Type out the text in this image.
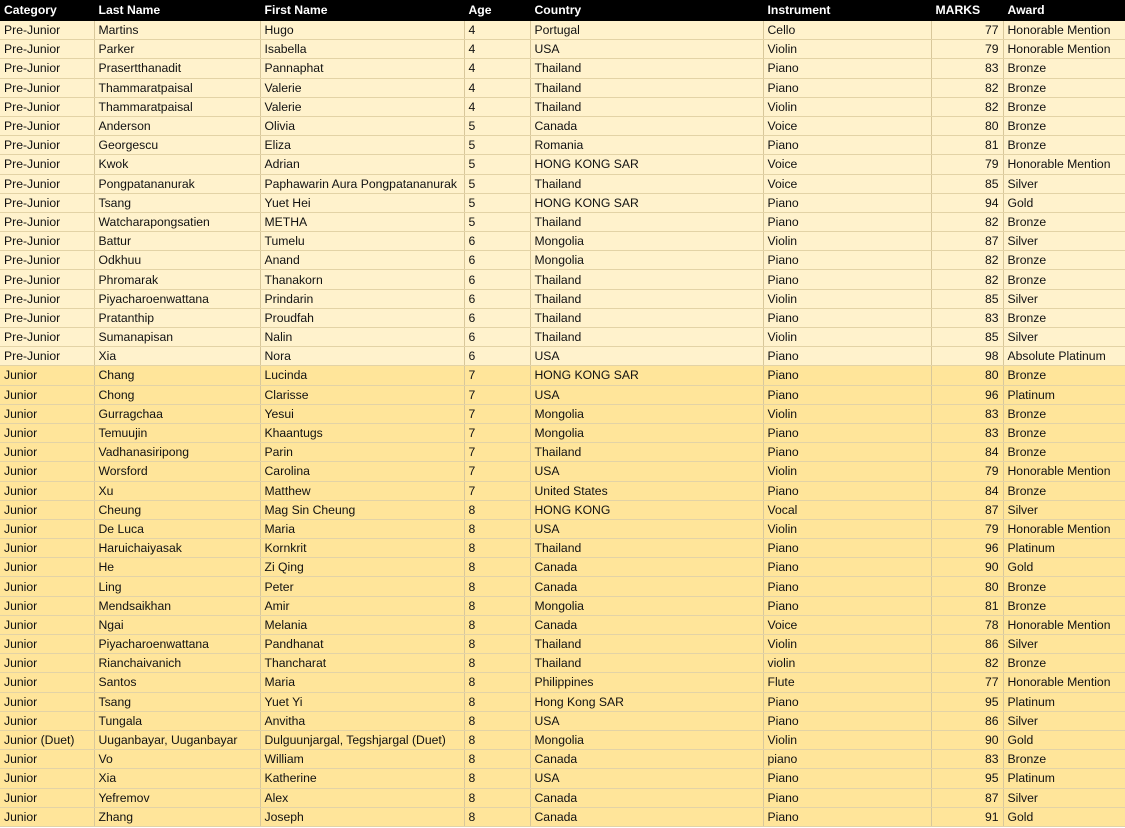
Category	Last Name	First Name	Age	Country	Instrument	MARKS	Award
Pre-Junior	Martins	Hugo	4	Portugal	Cello	77	Honorable Mention
Pre-Junior	Parker	Isabella	4	USA	Violin	79	Honorable Mention
Pre-Junior	Prasertthanadit	Pannaphat	4	Thailand	Piano	83	Bronze
Pre-Junior	Thammaratpaisal	Valerie	4	Thailand	Piano	82	Bronze
Pre-Junior	Thammaratpaisal	Valerie	4	Thailand	Violin	82	Bronze
Pre-Junior	Anderson	Olivia	5	Canada	Voice	80	Bronze
Pre-Junior	Georgescu	Eliza	5	Romania	Piano	81	Bronze
Pre-Junior	Kwok	Adrian	5	HONG KONG SAR	Voice	79	Honorable Mention
Pre-Junior	Pongpatananurak	Paphawarin Aura Pongpatananurak	5	Thailand	Voice	85	Silver
Pre-Junior	Tsang	Yuet Hei	5	HONG KONG SAR	Piano	94	Gold
Pre-Junior	Watcharapongsatien	METHA	5	Thailand	Piano	82	Bronze
Pre-Junior	Battur	Tumelu	6	Mongolia	Violin	87	Silver
Pre-Junior	Odkhuu	Anand	6	Mongolia	Piano	82	Bronze
Pre-Junior	Phromarak	Thanakorn	6	Thailand	Piano	82	Bronze
Pre-Junior	Piyacharoenwattana	Prindarin	6	Thailand	Violin	85	Silver
Pre-Junior	Pratanthip	Proudfah	6	Thailand	Piano	83	Bronze
Pre-Junior	Sumanapisan	Nalin	6	Thailand	Violin	85	Silver
Pre-Junior	Xia	Nora	6	USA	Piano	98	Absolute Platinum
Junior	Chang	Lucinda	7	HONG KONG SAR	Piano	80	Bronze
Junior	Chong	Clarisse	7	USA	Piano	96	Platinum
Junior	Gurragchaa	Yesui	7	Mongolia	Violin	83	Bronze
Junior	Temuujin	Khaantugs	7	Mongolia	Piano	83	Bronze
Junior	Vadhanasiripong	Parin	7	Thailand	Piano	84	Bronze
Junior	Worsford	Carolina	7	USA	Violin	79	Honorable Mention
Junior	Xu	Matthew	7	United States	Piano	84	Bronze
Junior	Cheung	Mag Sin Cheung	8	HONG KONG	Vocal	87	Silver
Junior	De Luca	Maria	8	USA	Violin	79	Honorable Mention
Junior	Haruichaiyasak	Kornkrit	8	Thailand	Piano	96	Platinum
Junior	He	Zi Qing	8	Canada	Piano	90	Gold
Junior	Ling	Peter	8	Canada	Piano	80	Bronze
Junior	Mendsaikhan	Amir	8	Mongolia	Piano	81	Bronze
Junior	Ngai	Melania	8	Canada	Voice	78	Honorable Mention
Junior	Piyacharoenwattana	Pandhanat	8	Thailand	Violin	86	Silver
Junior	Rianchaivanich	Thancharat	8	Thailand	violin	82	Bronze
Junior	Santos	Maria	8	Philippines	Flute	77	Honorable Mention
Junior	Tsang	Yuet Yi	8	Hong Kong SAR	Piano	95	Platinum
Junior	Tungala	Anvitha	8	USA	Piano	86	Silver
Junior (Duet)	Uuganbayar, Uuganbayar	Dulguunjargal, Tegshjargal (Duet)	8	Mongolia	Violin	90	Gold
Junior	Vo	William	8	Canada	piano	83	Bronze
Junior	Xia	Katherine	8	USA	Piano	95	Platinum
Junior	Yefremov	Alex	8	Canada	Piano	87	Silver
Junior	Zhang	Joseph	8	Canada	Piano	91	Gold
